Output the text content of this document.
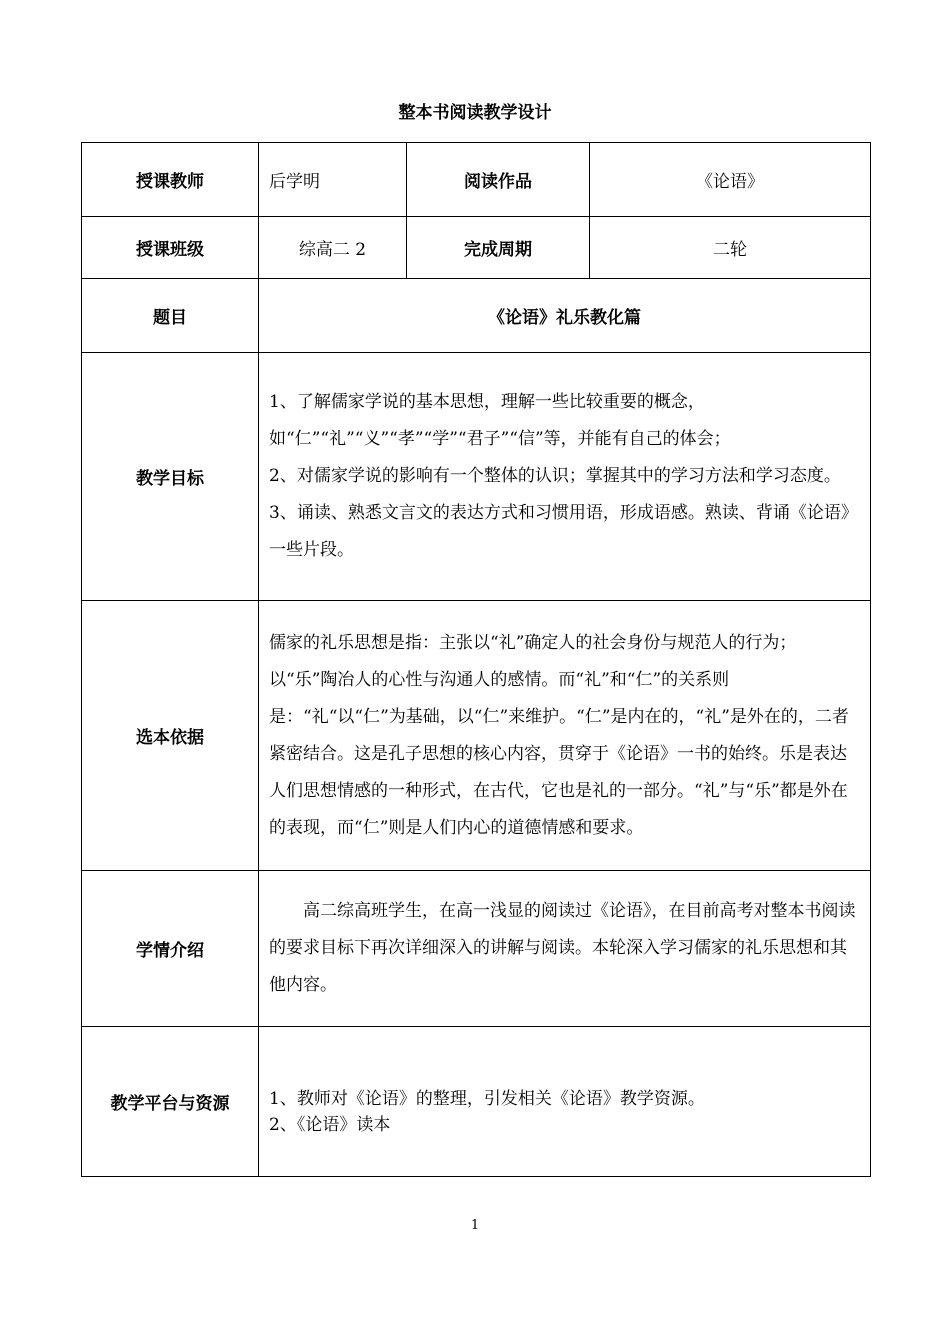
整本书阅读教学设计
授课教师	后学明	阅读作品	《论语》
授课班级	综高二 2	完成周期	二轮
题目	《论语》礼乐教化篇		
教学目标	1、了解儒家学说的基本思想，理解一些比较重要的概念，如“仁”“礼”“义”“孝”“学”“君子”“信”等，并能有自己的体会；

2、对儒家学说的影响有一个整体的认识；掌握其中的学习方法和学习态度。

3、诵读、熟悉文言文的表达方式和习惯用语，形成语感。熟读、背诵《论语》一些片段。		

选本依据	儒家的礼乐思想是指：主张以“礼”确定人的社会身份与规范人的行为；以“乐”陶冶人的心性与沟通人的感情。而“礼”和“仁”的关系则是：“礼“以“仁”为基础，以“仁”来维护。“仁”是内在的，“礼”是外在的，二者紧密结合。这是孔子思想的核心内容，贯穿于《论语》一书的始终。乐是表达人们思想情感的一种形式，在古代，它也是礼的一部分。“礼”与“乐”都是外在的表现，而“仁”则是人们内心的道德情感和要求。		

学情介绍	高二综高班学生，在高一浅显的阅读过《论语》，在目前高考对整本书阅读的要求目标下再次详细深入的讲解与阅读。本轮深入学习儒家的礼乐思想和其他内容。		

教学平台与资源	1、教师对《论语》的整理，引发相关《论语》教学资源。

2、《论语》读本		

1
